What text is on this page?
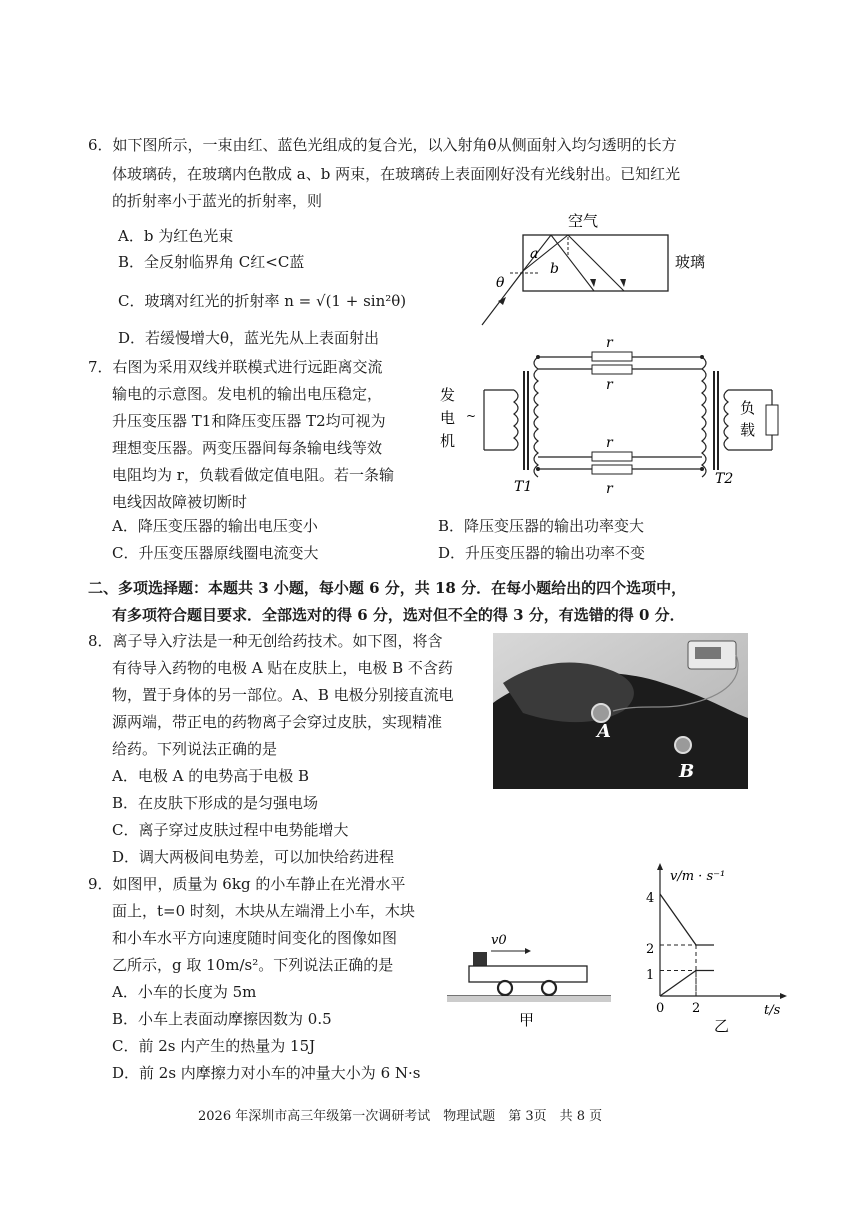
6．如下图所示，一束由红、蓝色光组成的复合光，以入射角θ从侧面射入均匀透明的长方
体玻璃砖，在玻璃内色散成 a、b 两束，在玻璃砖上表面刚好没有光线射出。已知红光
的折射率小于蓝光的折射率，则
A．b 为红色光束
B．全反射临界角 C红<C蓝
C．玻璃对红光的折射率 n = √(1 + sin²θ)
D．若缓慢增大θ，蓝光先从上表面射出
空气
玻璃
a
b
θ
7．右图为采用双线并联模式进行远距离交流
输电的示意图。发电机的输出电压稳定，
升压变压器 T1和降压变压器 T2均可视为
理想变压器。两变压器间每条输电线等效
电阻均为 r，负载看做定值电阻。若一条输
电线因故障被切断时
A．降压变压器的输出电压变小	B．降压变压器的输出功率变大
C．升压变压器原线圈电流变大	D．升压变压器的输出功率不变
~
发
电
机
r
r
r
r
负
载
T1	T2
二、多项选择题：本题共 3 小题，每小题 6 分，共 18 分．在每小题给出的四个选项中，
有多项符合题目要求．全部选对的得 6 分，选对但不全的得 3 分，有选错的得 0 分．
8．离子导入疗法是一种无创给药技术。如下图，将含
有待导入药物的电极 A 贴在皮肤上，电极 B 不含药
物，置于身体的另一部位。A、B 电极分别接直流电
源两端，带正电的药物离子会穿过皮肤，实现精准
给药。下列说法正确的是
A．电极 A 的电势高于电极 B
B．在皮肤下形成的是匀强电场
C．离子穿过皮肤过程中电势能增大
D．调大两极间电势差，可以加快给药进程
A
B
9．如图甲，质量为 6kg 的小车静止在光滑水平
面上，t=0 时刻，木块从左端滑上小车，木块
和小车水平方向速度随时间变化的图像如图
乙所示，g 取 10m/s²。下列说法正确的是
A．小车的长度为 5m
B．小车上表面动摩擦因数为 0.5
C．前 2s 内产生的热量为 15J
D．前 2s 内摩擦力对小车的冲量大小为 6 N·s
v0
甲
v/m · s⁻¹
t/s
4
2
1
0 2
乙
2026 年深圳市高三年级第一次调研考试　物理试题　第 3页　共 8 页
